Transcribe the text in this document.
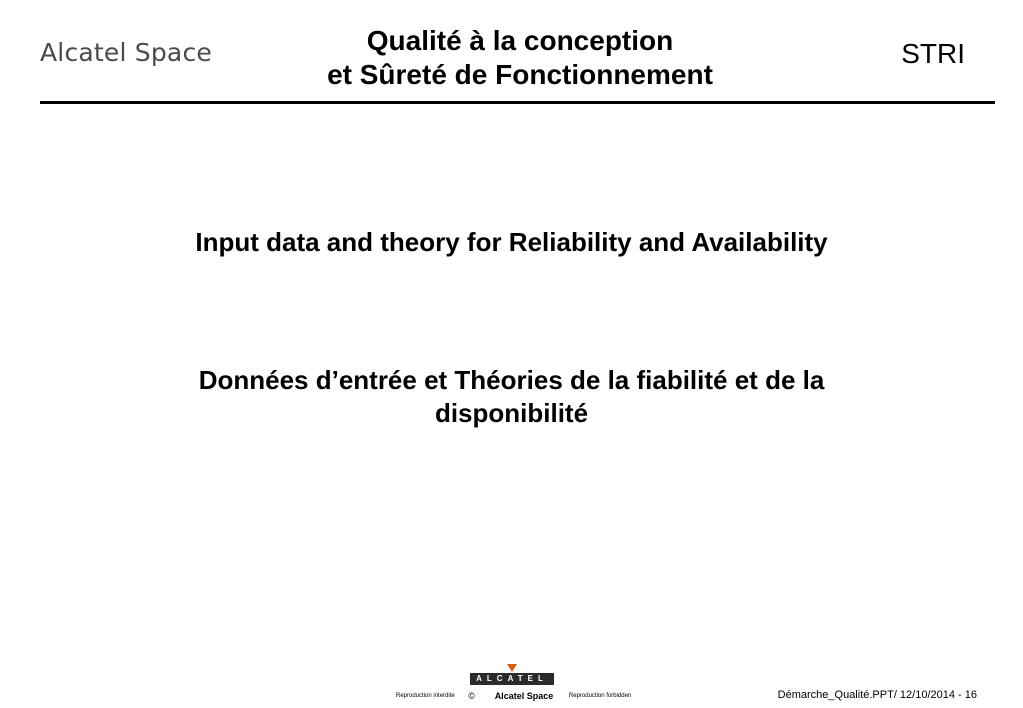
Alcatel Space	Qualité à la conception
et Sûreté de Fonctionnement
STRI
Input data and theory for Reliability and Availability
Données d’entrée et Théories de la fiabilité et de la
disponibilité
ALCATEL
Reproduction interdite © Alcatel Space	Reproduction forbidden	Démarche_Qualité.PPT/ 12/10/2014 - 16
